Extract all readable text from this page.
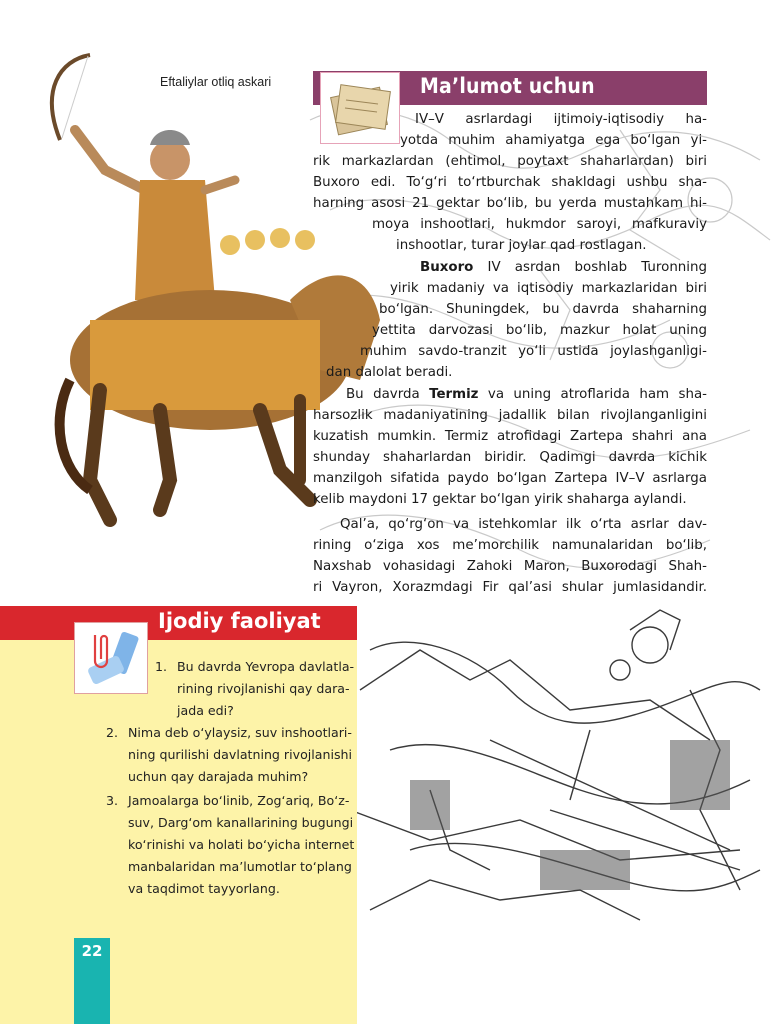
Eftaliylar otliq askari	Ma’lumot uchun
IV–V asrlardagi ijtimoiy-iqtisodiy ha-
yotda muhim ahamiyatga ega bo‘lgan yi-
rik markazlardan (ehtimol, poytaxt shaharlardan) biri
Buxoro edi. To‘g‘ri to‘rtburchak shakldagi ushbu sha-
harning asosi 21 gektar bo‘lib, bu yerda mustahkam hi-
moya inshootlari, hukmdor saroyi, mafkuraviy
inshootlar, turar joylar qad rostlagan.
Buxoro IV asrdan boshlab Turonning
yirik madaniy va iqtisodiy markazlaridan biri
bo‘lgan. Shuningdek, bu davrda shaharning
yettita darvozasi bo‘lib, mazkur holat uning
muhim savdo-tranzit yo‘li ustida joylashganligi-
dan dalolat beradi.
Bu davrda Termiz va uning atroflarida ham sha-
harsozlik madaniyatining jadallik bilan rivojlanganligini
kuzatish mumkin. Termiz atrofidagi Zartepa shahri ana
shunday shaharlardan biridir. Qadimgi davrda kichik
manzilgoh sifatida paydo bo‘lgan Zartepa IV–V asrlarga
kelib maydoni 17 gektar bo‘lgan yirik shaharga aylandi.
Qal’a, qo‘rg‘on va istehkomlar ilk o‘rta asrlar dav-
rining o‘ziga xos me’morchilik namunalaridan bo‘lib,
Naxshab vohasidagi Zahoki Maron, Buxorodagi Shah-
ri Vayron, Xorazmdagi Fir qal’asi shular jumlasidandir.
Ijodiy faoliyat
1. Bu davrda Yevropa davlatla-
rining rivojlanishi qay dara-
jada edi?
2. Nima deb o‘ylaysiz, suv inshootlari-
ning qurilishi davlatning rivojlanishi
uchun qay darajada muhim?
3. Jamoalarga bo‘linib, Zog‘ariq, Bo‘z-
suv, Darg‘om kanallarining bugungi
ko‘rinishi va holati bo‘yicha internet
manbalaridan ma’lumotlar to‘plang
va taqdimot tayyorlang.
22
